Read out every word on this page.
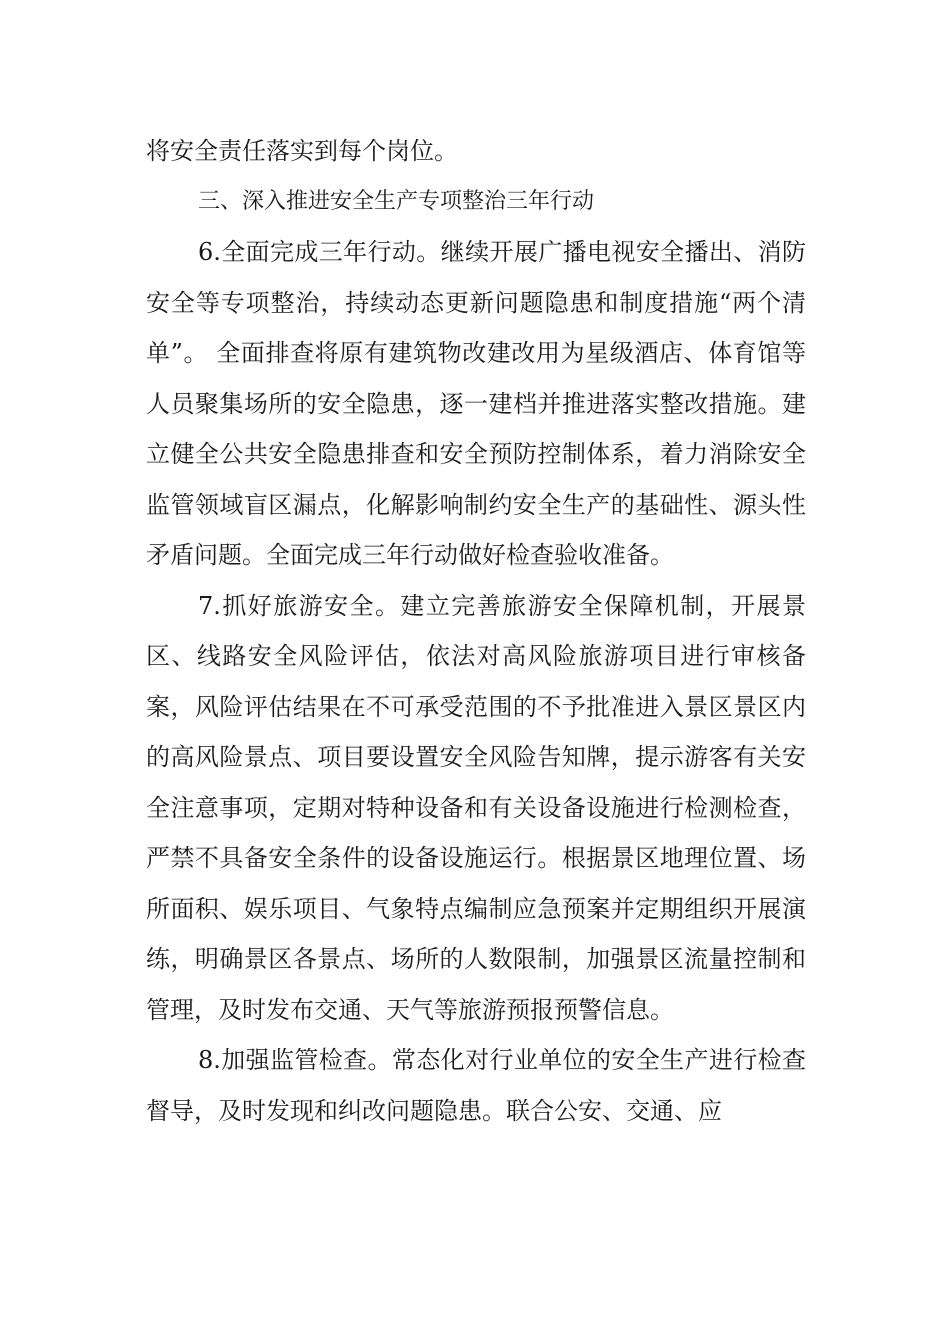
将安全责任落实到每个岗位。

三、深入推进安全生产专项整治三年行动

6.全面完成三年行动。继续开展广播电视安全播出、消防安全等专项整治，持续动态更新问题隐患和制度措施“两个清单”。 全面排查将原有建筑物改建改用为星级酒店、体育馆等人员聚集场所的安全隐患，逐一建档并推进落实整改措施。建立健全公共安全隐患排查和安全预防控制体系，着力消除安全监管领域盲区漏点，化解影响制约安全生产的基础性、源头性矛盾问题。全面完成三年行动做好检查验收准备。

7.抓好旅游安全。建立完善旅游安全保障机制，开展景区、线路安全风险评估，依法对高风险旅游项目进行审核备案，风险评估结果在不可承受范围的不予批准进入景区景区内的高风险景点、项目要设置安全风险告知牌，提示游客有关安全注意事项，定期对特种设备和有关设备设施进行检测检查，严禁不具备安全条件的设备设施运行。根据景区地理位置、场所面积、娱乐项目、气象特点编制应急预案并定期组织开展演练，明确景区各景点、场所的人数限制，加强景区流量控制和管理，及时发布交通、天气等旅游预报预警信息。

8.加强监管检查。常态化对行业单位的安全生产进行检查督导，及时发现和纠改问题隐患。联合公安、交通、应
